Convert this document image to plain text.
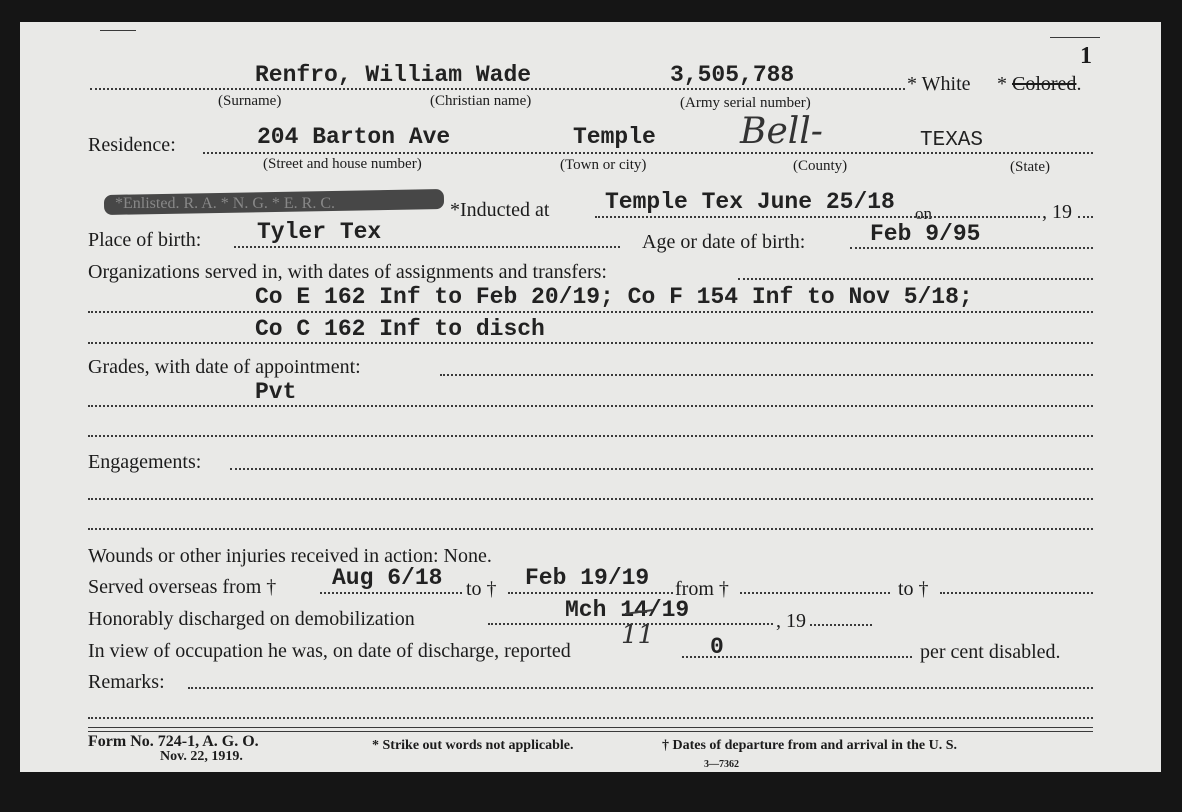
1
Renfro, William Wade	3,505,788	* White * Colored.
(Surname)	(Christian name)	(Army serial number)
Residence:	204 Barton Ave	Temple Bell-	TEXAS
(Street and house number)	(Town or city)	(County)	(State)
*Enlisted. R. A. * N. G. * E. R. C.	*Inducted at Temple Tex June 25/18 on	, 19
Place of birth: Tyler Tex	Age or date of birth:	Feb 9/95
Organizations served in, with dates of assignments and transfers:
Co E 162 Inf to Feb 20/19; Co F 154 Inf to Nov 5/18;
Co C 162 Inf to disch
Grades, with date of appointment:
Pvt
Engagements:
Wounds or other injuries received in action: None.
Served overseas from † Aug 6/18 to † Feb 19/19 from †	to †
Honorably discharged on demobilization	Mch 14/19
11	, 19
In view of occupation he was, on date of discharge, reported	0	per cent disabled.
Remarks:
Form No. 724-1, A. G. O.
Nov. 22, 1919.
* Strike out words not applicable.	† Dates of departure from and arrival in the U. S.
3—7362
